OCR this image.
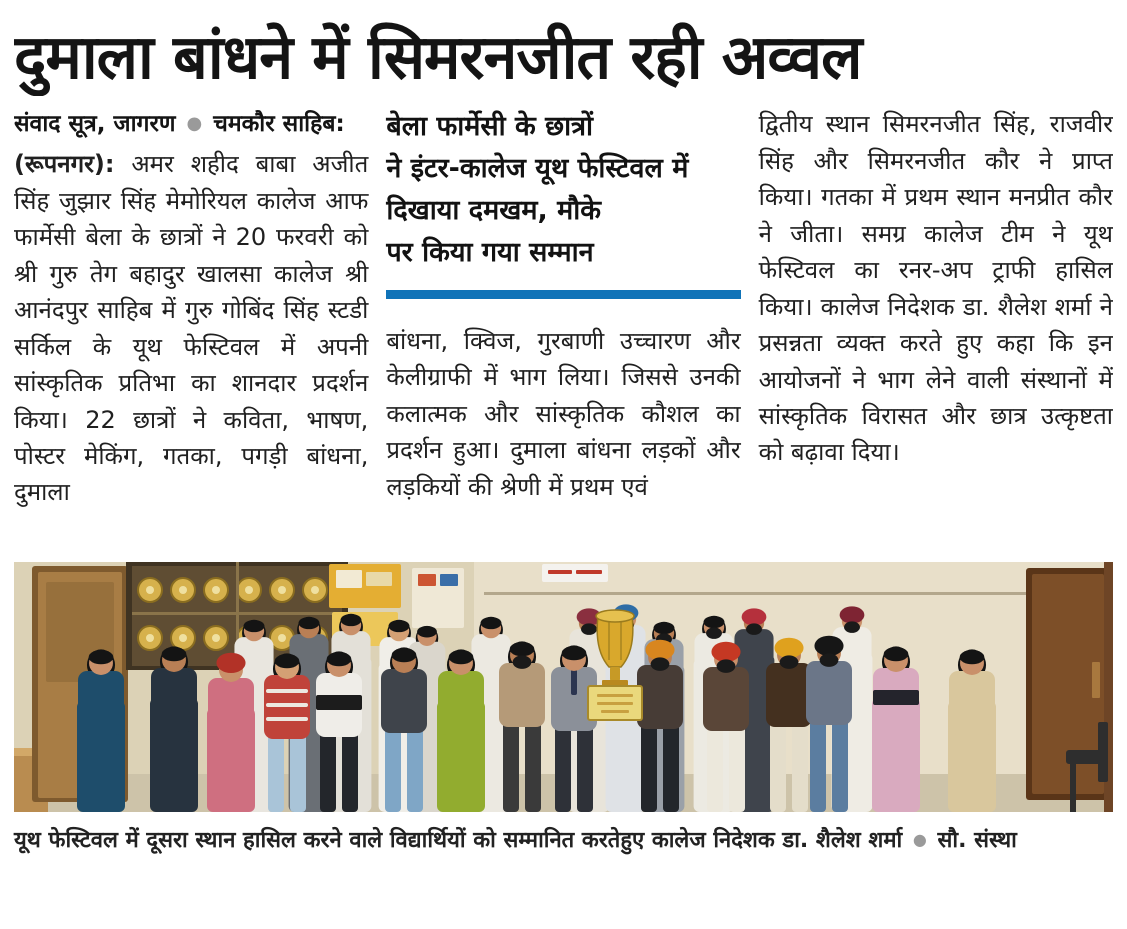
दुमाला बांधने में सिमरनजीत रही अव्वल
संवाद सूत्र, जागरण ● चमकौर साहिब:

(रूपनगर): अमर शहीद बाबा अजीत सिंह जुझार सिंह मेमोरियल कालेज आफ फार्मेसी बेला के छात्रों ने 20 फरवरी को श्री गुरु तेग बहादुर खालसा कालेज श्री आनंदपुर साहिब में गुरु गोबिंद सिंह स्टडी सर्किल के यूथ फेस्टिवल में अपनी सांस्कृतिक प्रतिभा का शानदार प्रदर्शन किया। 22 छात्रों ने कविता, भाषण, पोस्टर मेकिंग, गतका, पगड़ी बांधना, दुमाला

बेला फार्मेसी के छात्रों
ने इंटर-कालेज यूथ फेस्टिवल में
दिखाया दमखम, मौके
पर किया गया सम्मान

बांधना, क्विज, गुरबाणी उच्चारण और केलीग्राफी में भाग लिया। जिससे उनकी कलात्मक और सांस्कृतिक कौशल का प्रदर्शन हुआ। दुमाला बांधना लड़कों और लड़कियों की श्रेणी में प्रथम एवं

द्वितीय स्थान सिमरनजीत सिंह, राजवीर सिंह और सिमरनजीत कौर ने प्राप्त किया। गतका में प्रथम स्थान मनप्रीत कौर ने जीता। समग्र कालेज टीम ने यूथ फेस्टिवल का रनर-अप ट्राफी हासिल किया। कालेज निदेशक डा. शैलेश शर्मा ने प्रसन्नता व्यक्त करते हुए कहा कि इन आयोजनों ने भाग लेने वाली संस्थानों में सांस्कृतिक विरासत और छात्र उत्कृष्टता को बढ़ावा दिया।

यूथ फेस्टिवल में दूसरा स्थान हासिल करने वाले विद्यार्थियों को सम्मानित करतेहुए कालेज निदेशक डा. शैलेश शर्मा ● सौ. संस्था
